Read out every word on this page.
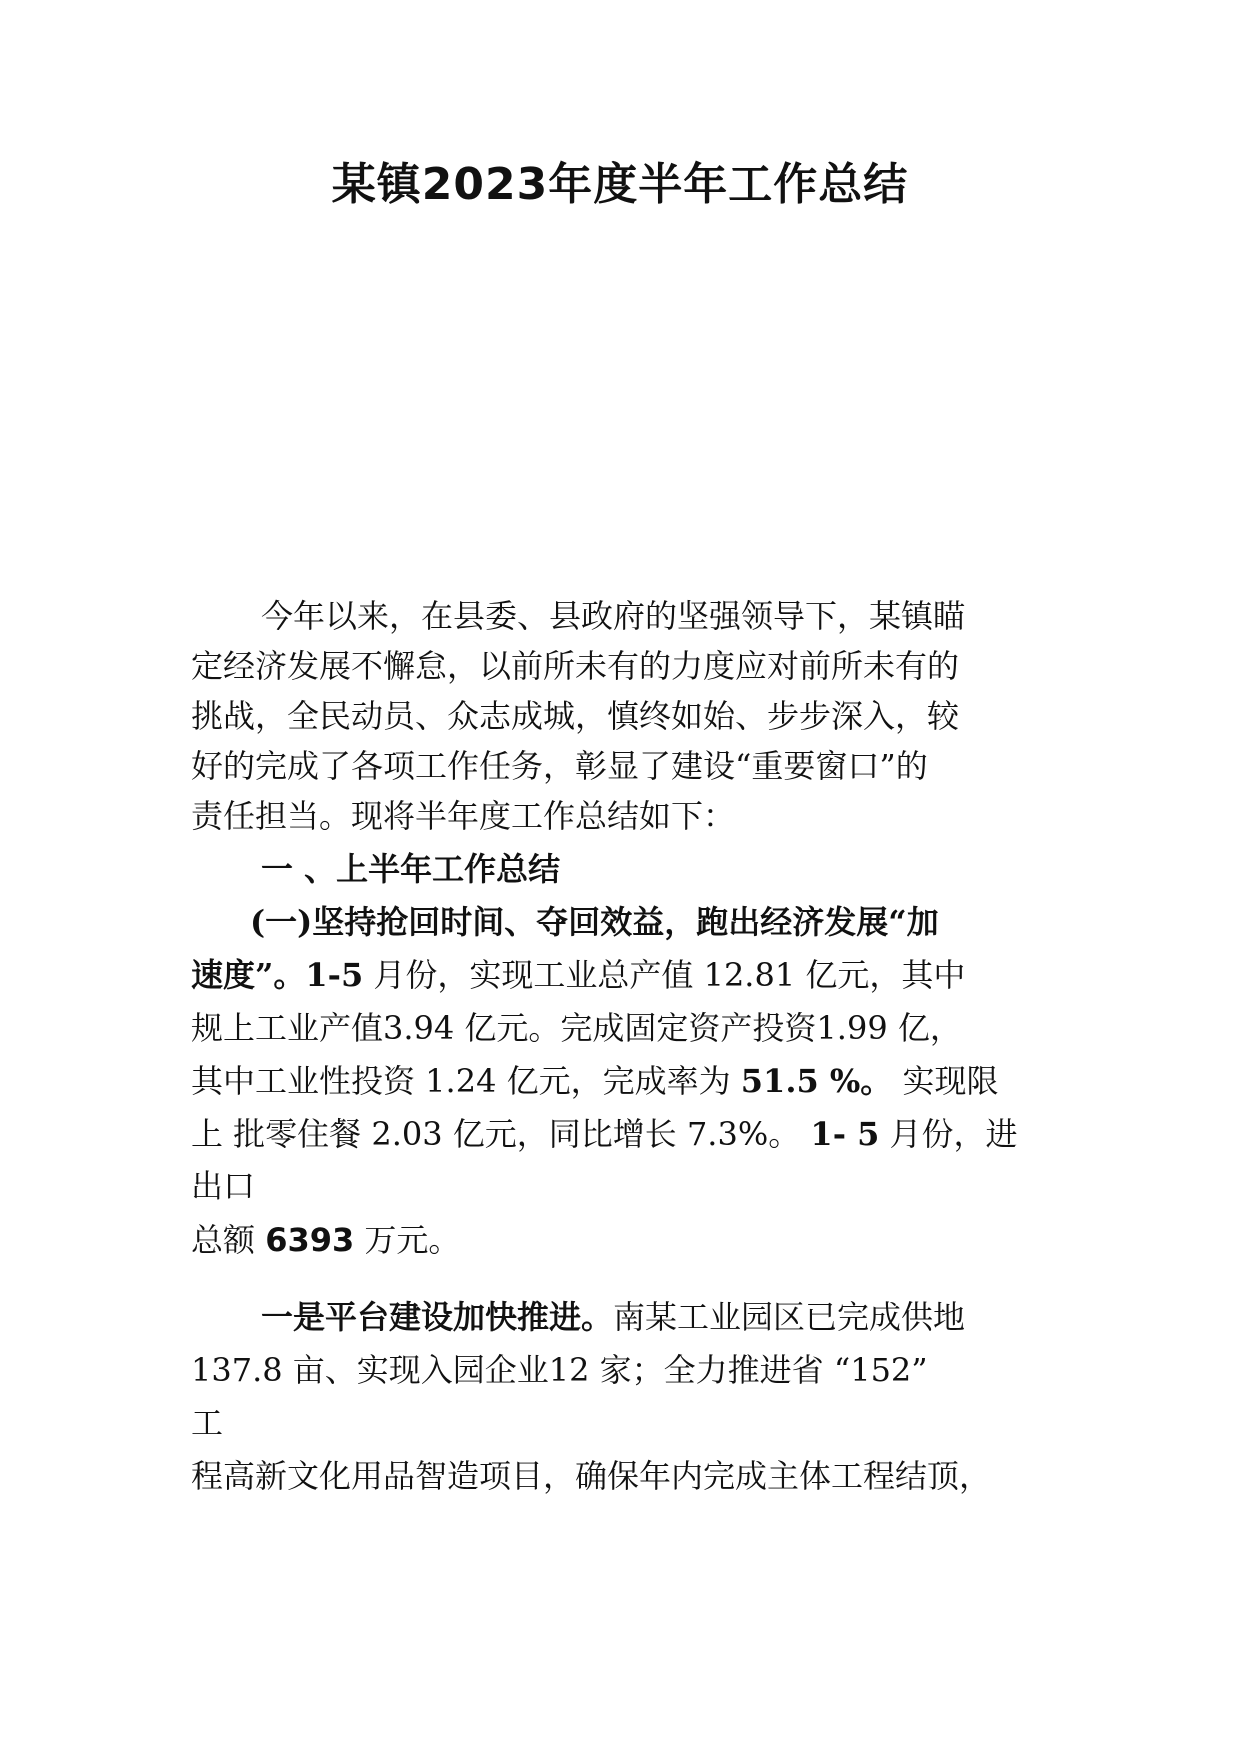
某镇2023年度半年工作总结
今年以来，在县委、县政府的坚强领导下，某镇瞄
定经济发展不懈怠，以前所未有的力度应对前所未有的
挑战，全民动员、众志成城，慎终如始、步步深入，较
好的完成了各项工作任务，彰显了建设“重要窗口”的
责任担当。现将半年度工作总结如下：
一 、上半年工作总结
(一)坚持抢回时间、夺回效益，跑出经济发展“加
速度”。1-5 月份，实现工业总产值 12.81 亿元，其中
规上工业产值3.94 亿元。完成固定资产投资1.99 亿，
其中工业性投资 1.24 亿元，完成率为 51.5 %。 实现限
上 批零住餐 2.03 亿元，同比增长 7.3%。 1- 5 月份，进
出口
总额 6393 万元。
一是平台建设加快推进。南某工业园区已完成供地
137.8 亩、实现入园企业12 家；全力推进省 “152”
工
程高新文化用品智造项目，确保年内完成主体工程结顶，
